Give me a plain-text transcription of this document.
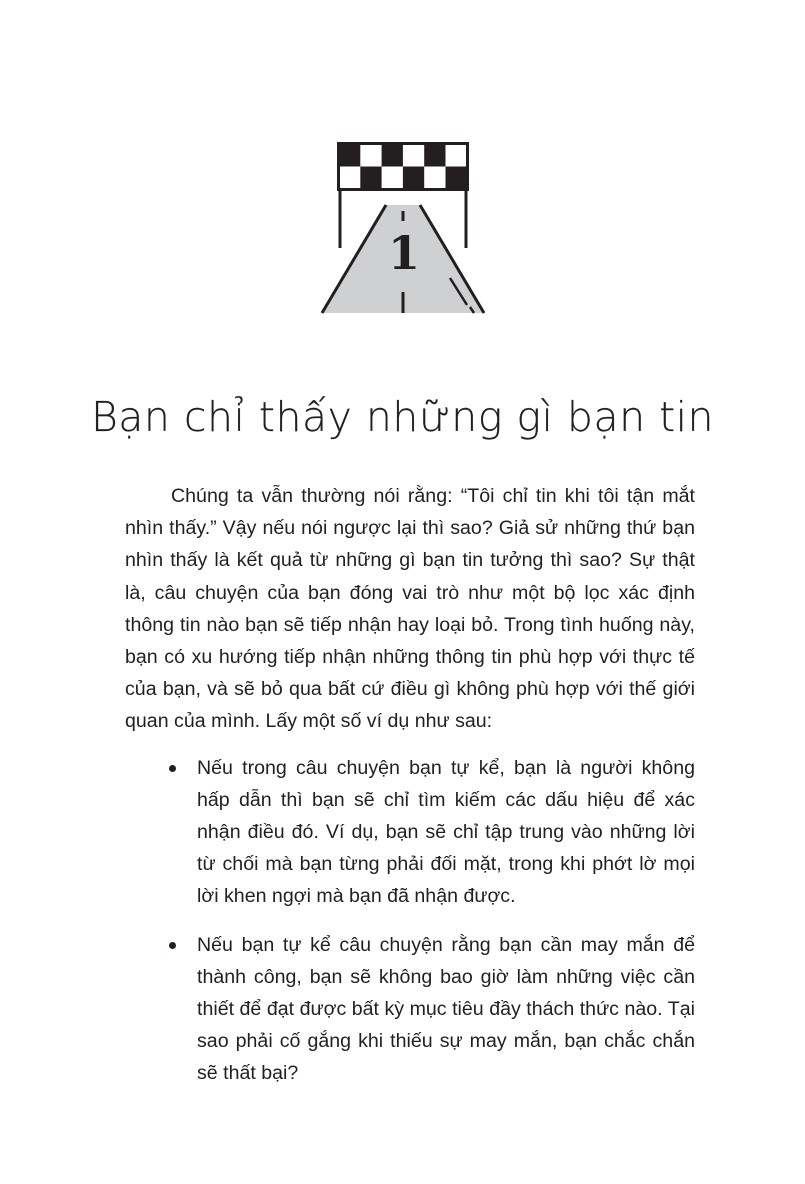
1
Bạn chỉ thấy những gì bạn tin

Chúng ta vẫn thường nói rằng: “Tôi chỉ tin khi tôi tận mắt nhìn thấy.” Vậy nếu nói ngược lại thì sao? Giả sử những thứ bạn nhìn thấy là kết quả từ những gì bạn tin tưởng thì sao? Sự thật là, câu chuyện của bạn đóng vai trò như một bộ lọc xác định thông tin nào bạn sẽ tiếp nhận hay loại bỏ. Trong tình huống này, bạn có xu hướng tiếp nhận những thông tin phù hợp với thực tế của bạn, và sẽ bỏ qua bất cứ điều gì không phù hợp với thế giới quan của mình. Lấy một số ví dụ như sau:

Nếu trong câu chuyện bạn tự kể, bạn là người không hấp dẫn thì bạn sẽ chỉ tìm kiếm các dấu hiệu để xác nhận điều đó. Ví dụ, bạn sẽ chỉ tập trung vào những lời từ chối mà bạn từng phải đối mặt, trong khi phớt lờ mọi lời khen ngợi mà bạn đã nhận được.
Nếu bạn tự kể câu chuyện rằng bạn cần may mắn để thành công, bạn sẽ không bao giờ làm những việc cần thiết để đạt được bất kỳ mục tiêu đầy thách thức nào. Tại sao phải cố gắng khi thiếu sự may mắn, bạn chắc chắn sẽ thất bại?
